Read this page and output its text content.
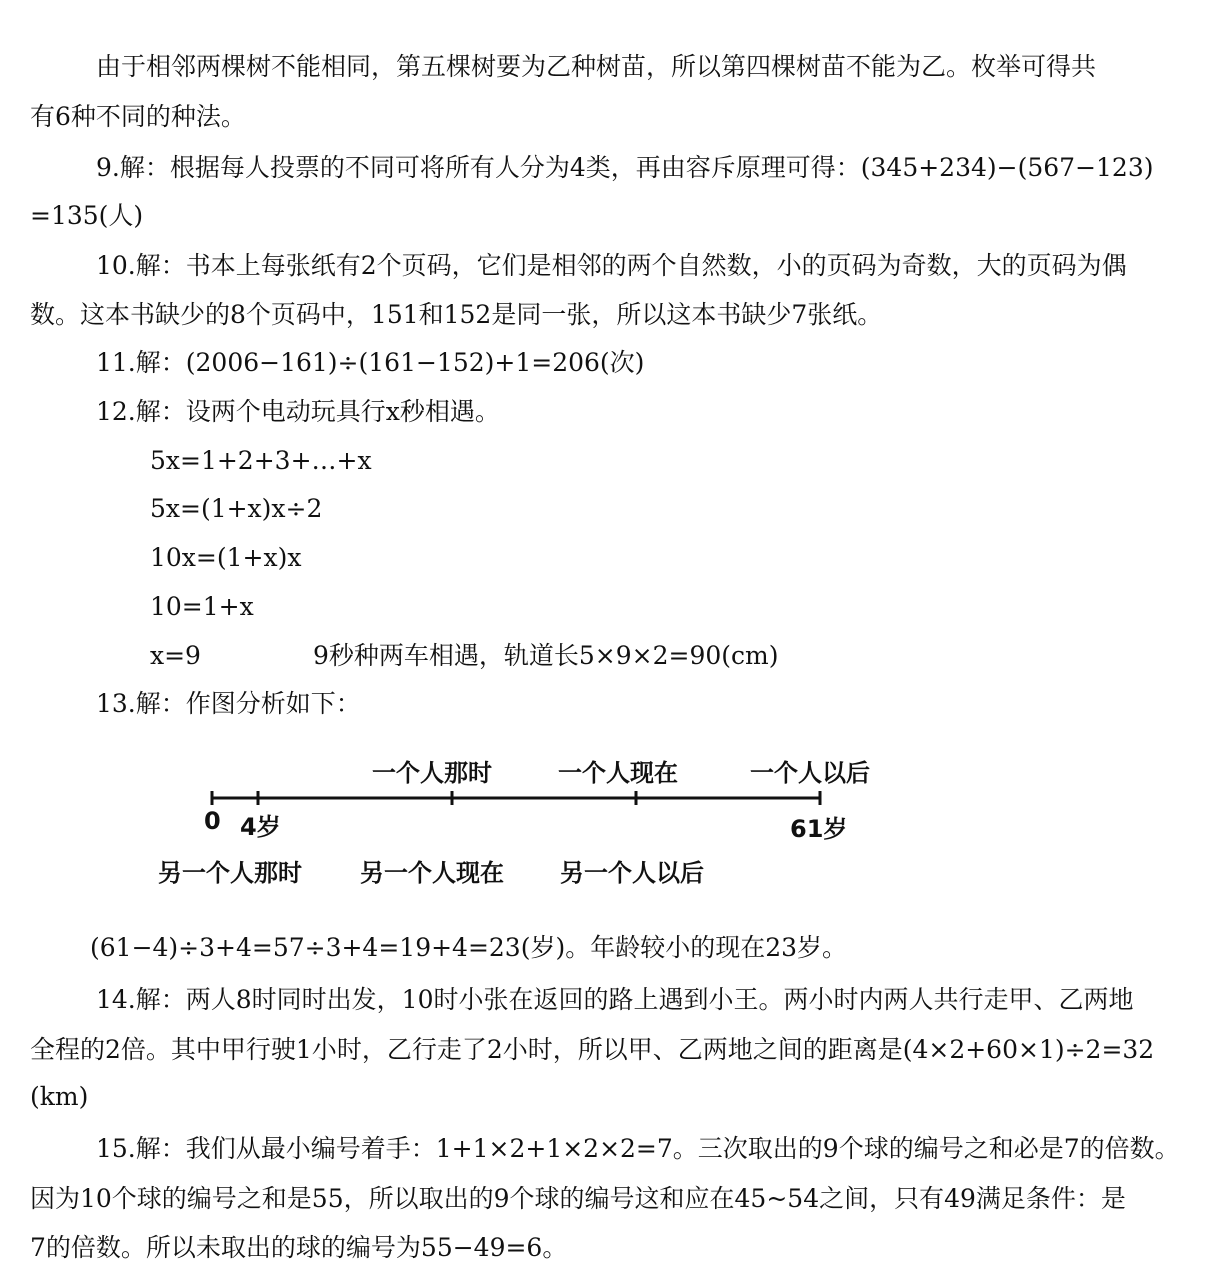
由于相邻两棵树不能相同，第五棵树要为乙种树苗，所以第四棵树苗不能为乙。枚举可得共
有6种不同的种法。
9.解：根据每人投票的不同可将所有人分为4类，再由容斥原理可得：(345+234)−(567−123)
=135(人)
10.解：书本上每张纸有2个页码，它们是相邻的两个自然数，小的页码为奇数，大的页码为偶
数。这本书缺少的8个页码中，151和152是同一张，所以这本书缺少7张纸。
11.解：(2006−161)÷(161−152)+1=206(次)
12.解：设两个电动玩具行x秒相遇。
5x=1+2+3+…+x
5x=(1+x)x÷2
10x=(1+x)x
10=1+x
x=9	9秒种两车相遇，轨道长5×9×2=90(cm)
13.解：作图分析如下：
一个人那时	一个人现在	一个人以后
0 4岁	61岁
另一个人那时 另一个人现在 另一个人以后
(61−4)÷3+4=57÷3+4=19+4=23(岁)。年龄较小的现在23岁。
14.解：两人8时同时出发，10时小张在返回的路上遇到小王。两小时内两人共行走甲、乙两地
全程的2倍。其中甲行驶1小时，乙行走了2小时，所以甲、乙两地之间的距离是(4×2+60×1)÷2=32
(km)
15.解：我们从最小编号着手：1+1×2+1×2×2=7。三次取出的9个球的编号之和必是7的倍数。
因为10个球的编号之和是55，所以取出的9个球的编号这和应在45~54之间，只有49满足条件：是
7的倍数。所以未取出的球的编号为55−49=6。
